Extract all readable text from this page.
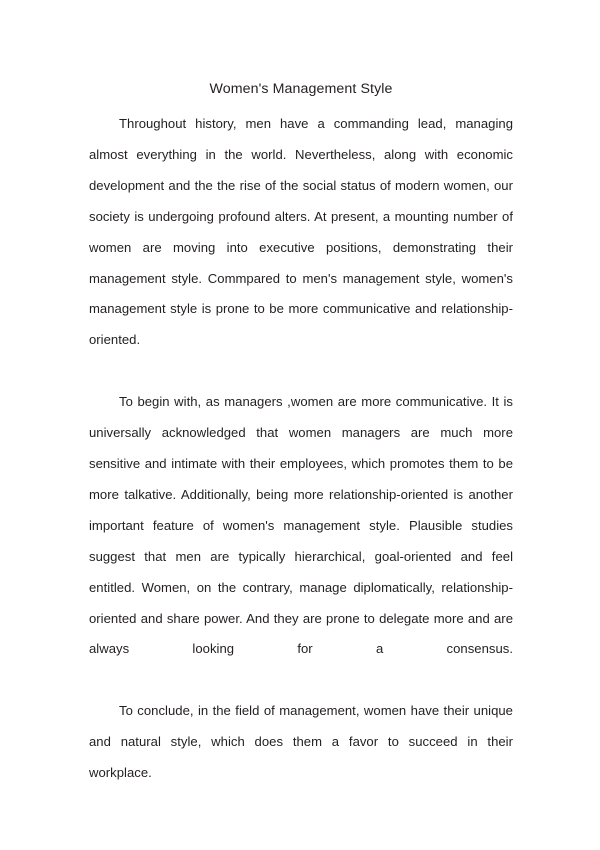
Women's Management Style

Throughout history, men have a commanding lead, managing almost everything in the world. Nevertheless, along with economic development and the the rise of the social status of modern women, our society is undergoing profound alters. At present, a mounting number of women are moving into executive positions, demonstrating their management style. Commpared to men's management style, women's management style is prone to be more communicative and relationship-oriented.

To begin with, as managers ,women are more communicative. It is universally acknowledged that women managers are much more sensitive and intimate with their employees, which promotes them to be more talkative. Additionally, being more relationship-oriented is another important feature of women's management style. Plausible studies suggest that men are typically hierarchical, goal-oriented and feel entitled. Women, on the contrary, manage diplomatically, relationship-oriented and share power. And they are prone to delegate more and are always looking for a consensus.

To conclude, in the field of management, women have their unique and natural style, which does them a favor to succeed in their workplace.
